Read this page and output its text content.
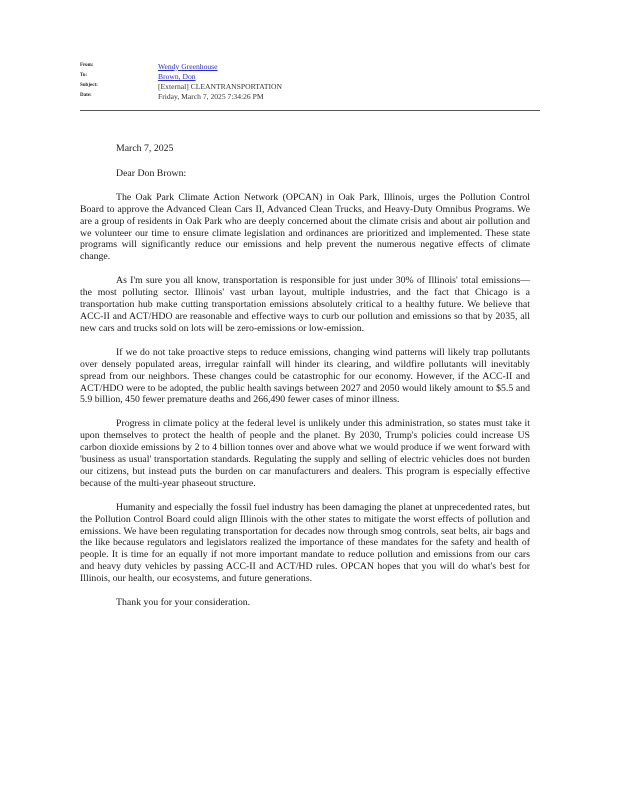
From:	Wendy Greenhouse
To:	Brown, Don
Subject:	[External] CLEANTRANSPORTATION
Date:	Friday, March 7, 2025 7:34:26 PM
March 7, 2025
Dear Don Brown:

The Oak Park Climate Action Network (OPCAN) in Oak Park, Illinois, urges the Pollution Control Board to approve the Advanced Clean Cars II, Advanced Clean Trucks, and Heavy-Duty Omnibus Programs. We are a group of residents in Oak Park who are deeply concerned about the climate crisis and about air pollution and we volunteer our time to ensure climate legislation and ordinances are prioritized and implemented. These state programs will significantly reduce our emissions and help prevent the numerous negative effects of climate change.

As I'm sure you all know, transportation is responsible for just under 30% of Illinois' total emissions— the most polluting sector. Illinois' vast urban layout, multiple industries, and the fact that Chicago is a transportation hub make cutting transportation emissions absolutely critical to a healthy future. We believe that ACC-II and ACT/HDO are reasonable and effective ways to curb our pollution and emissions so that by 2035, all new cars and trucks sold on lots will be zero-emissions or low-emission.

If we do not take proactive steps to reduce emissions, changing wind patterns will likely trap pollutants over densely populated areas, irregular rainfall will hinder its clearing, and wildfire pollutants will inevitably spread from our neighbors. These changes could be catastrophic for our economy. However, if the ACC-II and ACT/HDO were to be adopted, the public health savings between 2027 and 2050 would likely amount to $5.5 and 5.9 billion, 450 fewer premature deaths and 266,490 fewer cases of minor illness.

Progress in climate policy at the federal level is unlikely under this administration, so states must take it upon themselves to protect the health of people and the planet. By 2030, Trump's policies could increase US carbon dioxide emissions by 2 to 4 billion tonnes over and above what we would produce if we went forward with 'business as usual' transportation standards. Regulating the supply and selling of electric vehicles does not burden our citizens, but instead puts the burden on car manufacturers and dealers. This program is especially effective because of the multi-year phaseout structure.

Humanity and especially the fossil fuel industry has been damaging the planet at unprecedented rates, but the Pollution Control Board could align Illinois with the other states to mitigate the worst effects of pollution and emissions. We have been regulating transportation for decades now through smog controls, seat belts, air bags and the like because regulators and legislators realized the importance of these mandates for the safety and health of people. It is time for an equally if not more important mandate to reduce pollution and emissions from our cars and heavy duty vehicles by passing ACC-II and ACT/HD rules. OPCAN hopes that you will do what's best for Illinois, our health, our ecosystems, and future generations.

Thank you for your consideration.
